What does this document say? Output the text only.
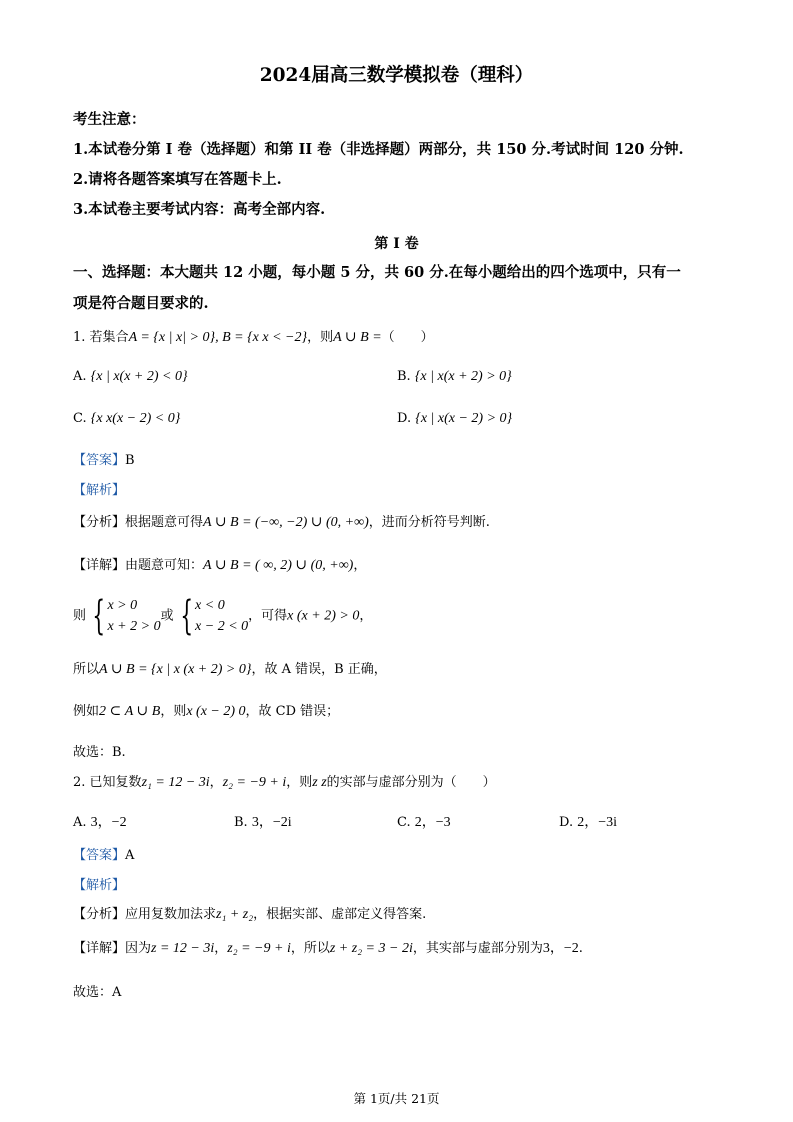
2024届高三数学模拟卷（理科）
考生注意：
1.本试卷分第 I 卷（选择题）和第 II 卷（非选择题）两部分，共 150 分.考试时间 120 分钟.
2.请将各题答案填写在答题卡上.
3.本试卷主要考试内容：高考全部内容.
第 I 卷
一、选择题：本大题共 12 小题，每小题 5 分，共 60 分.在每小题给出的四个选项中，只有一
项是符合题目要求的.
1. 若集合A = {x | x| > 0}, B = {x x < −2}，则A ∪ B =（　　）
A. {x | x(x + 2) < 0}	B. {x | x(x + 2) > 0}
C. {x x(x − 2) < 0}	D. {x | x(x − 2) > 0}
【答案】B
【解析】
【分析】根据题意可得A ∪ B = (−∞, −2) ∪ (0, +∞)，进而分析符号判断.
【详解】由题意可知：A ∪ B = ( ∞, 2) ∪ (0, +∞)，
则 { x > 0
x + 2 > 0或 { x < 0
x − 2 < 0，可得x (x + 2) > 0，
所以A ∪ B = {x | x (x + 2) > 0}，故 A 错误，B 正确，
例如2 ⊂ A ∪ B，则x (x − 2) 0，故 CD 错误；
故选：B.
2. 已知复数z₁ = 12 − 3i，z₂ = −9 + i，则z z的实部与虚部分别为（　　）
A. 3，−2	B. 3，−2i	C. 2，−3	D. 2，−3i
【答案】A
【解析】
【分析】应用复数加法求z₁ + z₂，根据实部、虚部定义得答案.
【详解】因为z = 12 − 3i，z₂ = −9 + i，所以z + z₂ = 3 − 2i，其实部与虚部分别为3，−2.
故选：A
第 1页/共 21页
